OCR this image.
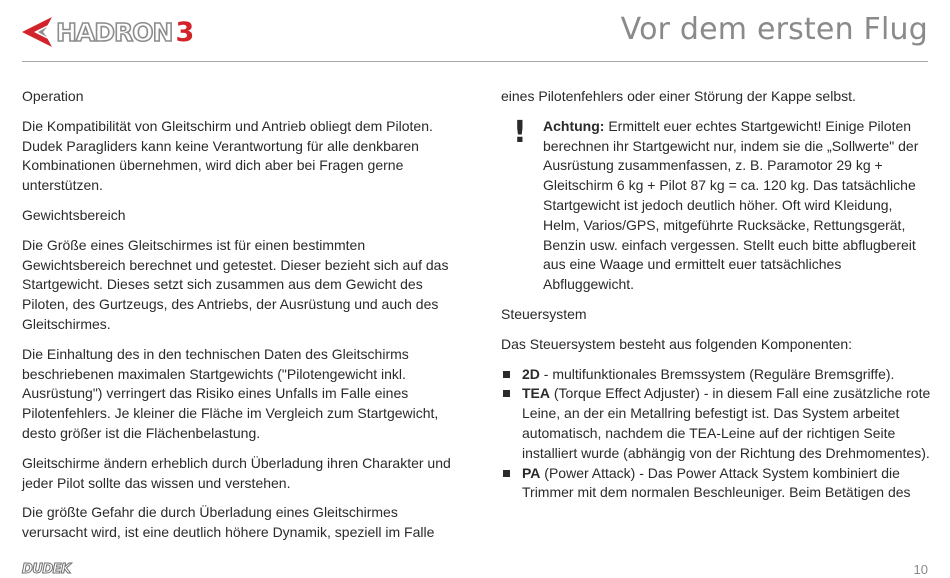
HADRON 3	Vor dem ersten Flug

Operation

Die Kompatibilität von Gleitschirm und Antrieb obliegt dem Piloten. Dudek Paragliders kann keine Verantwortung für alle denkbaren Kombinationen übernehmen, wird dich aber bei Fragen gerne unterstützen.

Gewichtsbereich

Die Größe eines Gleitschirmes ist für einen bestimmten Gewichtsbereich berechnet und getestet. Dieser bezieht sich auf das Startgewicht. Dieses setzt sich zusammen aus dem Gewicht des Piloten, des Gurtzeugs, des Antriebs, der Ausrüstung und auch des Gleitschirmes.

Die Einhaltung des in den technischen Daten des Gleitschirms beschriebenen maximalen Startgewichts ("Pilotengewicht inkl. Ausrüstung") verringert das Risiko eines Unfalls im Falle eines Pilotenfehlers. Je kleiner die Fläche im Vergleich zum Startgewicht, desto größer ist die Flächenbelastung.

Gleitschirme ändern erheblich durch Überladung ihren Charakter und jeder Pilot sollte das wissen und verstehen.

Die größte Gefahr die durch Überladung eines Gleitschirmes verursacht wird, ist eine deutlich höhere Dynamik, speziell im Falle

eines Pilotenfehlers oder einer Störung der Kappe selbst.

! Achtung: Ermittelt euer echtes Startgewicht! Einige Piloten berechnen ihr Startgewicht nur, indem sie die „Sollwerte" der Ausrüstung zusammenfassen, z. B. Paramotor 29 kg + Gleitschirm 6 kg + Pilot 87 kg = ca. 120 kg. Das tatsächliche Startgewicht ist jedoch deutlich höher. Oft wird Kleidung, Helm, Varios/GPS, mitgeführte Rucksäcke, Rettungsgerät, Benzin usw. einfach vergessen. Stellt euch bitte abflugbereit aus eine Waage und ermittelt euer tatsächliches Abfluggewicht.

Steuersystem

Das Steuersystem besteht aus folgenden Komponenten:

2D - multifunktionales Bremssystem (Reguläre Bremsgriffe).
TEA (Torque Effect Adjuster) - in diesem Fall eine zusätzliche rote Leine, an der ein Metallring befestigt ist. Das System arbeitet automatisch, nachdem die TEA-Leine auf der richtigen Seite installiert wurde (abhängig von der Richtung des Drehmomentes).
PA (Power Attack) - Das Power Attack System kombiniert die Trimmer mit dem normalen Beschleuniger. Beim Betätigen des
DUDEK	10
